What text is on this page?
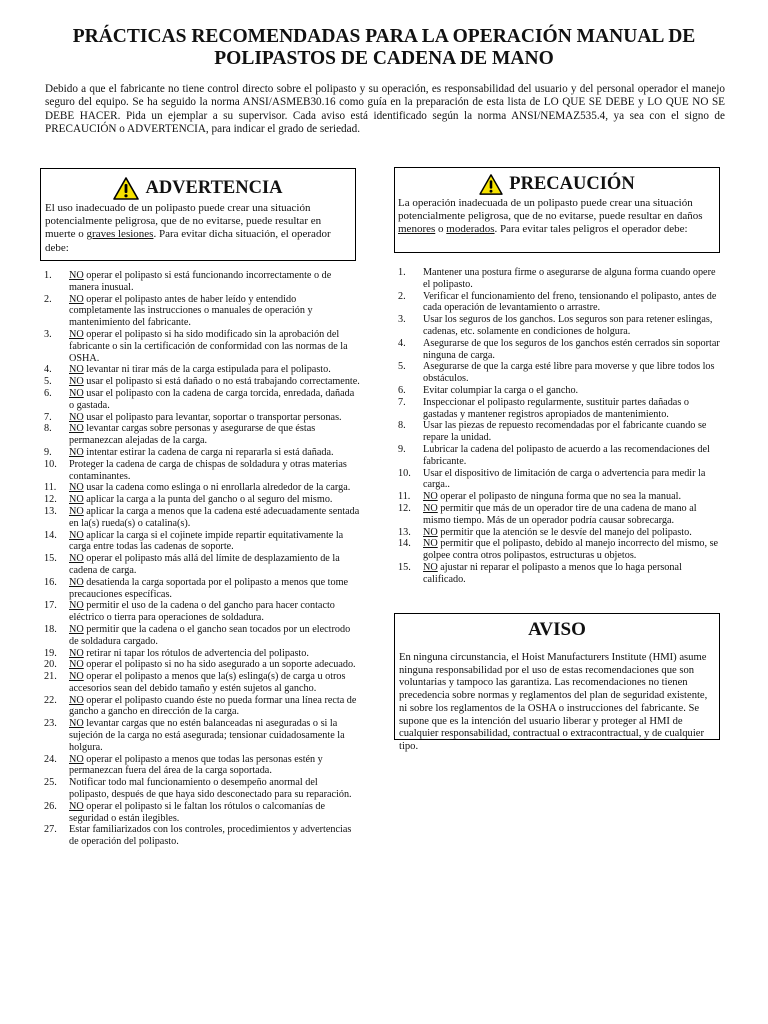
PRÁCTICAS RECOMENDADAS PARA LA OPERACIÓN MANUAL DE
POLIPASTOS DE CADENA DE MANO
Debido a que el fabricante no tiene control directo sobre el polipasto y su operación, es responsabilidad del usuario y del personal operador el manejo seguro del equipo. Se ha seguido la norma ANSI/ASMEB30.16 como guía en la preparación de esta lista de LO QUE SE DEBE y LO QUE NO SE DEBE HACER. Pida un ejemplar a su supervisor. Cada aviso está identificado según la norma ANSI/NEMAZ535.4, ya sea con el signo de PRECAUCIÓN o ADVERTENCIA, para indicar el grado de seriedad.
ADVERTENCIA
El uso inadecuado de un polipasto puede crear una situación potencialmente peligrosa, que de no evitarse, puede resultar en muerte o graves lesiones. Para evitar dicha situación, el operador debe:
PRECAUCIÓN
La operación inadecuada de un polipasto puede crear una situación potencialmente peligrosa, que de no evitarse, puede resultar en daños menores o moderados. Para evitar tales peligros el operador debe:
1. NO operar el polipasto si está funcionando incorrectamente o de manera inusual.
2. NO operar el polipasto antes de haber leído y entendido completamente las instrucciones o manuales de operación y mantenimiento del fabricante.
3. NO operar el polipasto si ha sido modificado sin la aprobación del fabricante o sin la certificación de conformidad con las normas de la OSHA.
4. NO levantar ni tirar más de la carga estipulada para el polipasto.
5. NO usar el polipasto si está dañado o no está trabajando correctamente.
6. NO usar el polipasto con la cadena de carga torcida, enredada, dañada o gastada.
7. NO usar el polipasto para levantar, soportar o transportar personas.
8. NO levantar cargas sobre personas y asegurarse de que éstas permanezcan alejadas de la carga.
9. NO intentar estirar la cadena de carga ni repararla si está dañada.
10. Proteger la cadena de carga de chispas de soldadura y otras materias contaminantes.
11. NO usar la cadena como eslinga o ni enrollarla alrededor de la carga.
12. NO aplicar la carga a la punta del gancho o al seguro del mismo.
13. NO aplicar la carga a menos que la cadena esté adecuadamente sentada en la(s) rueda(s) o catalina(s).
14. NO aplicar la carga si el cojinete impide repartir equitativamente la carga entre todas las cadenas de soporte.
15. NO operar el polipasto más allá del límite de desplazamiento de la cadena de carga.
16. NO desatienda la carga soportada por el polipasto a menos que tome precauciones específicas.
17. NO permitir el uso de la cadena o del gancho para hacer contacto eléctrico o tierra para operaciones de soldadura.
18. NO permitir que la cadena o el gancho sean tocados por un electrodo de soldadura cargado.
19. NO retirar ni tapar los rótulos de advertencia del polipasto.
20. NO operar el polipasto si no ha sido asegurado a un soporte adecuado.
21. NO operar el polipasto a menos que la(s) eslinga(s) de carga u otros accesorios sean del debido tamaño y estén sujetos al gancho.
22. NO operar el polipasto cuando éste no pueda formar una línea recta de gancho a gancho en dirección de la carga.
23. NO levantar cargas que no estén balanceadas ni aseguradas o si la sujeción de la carga no está asegurada; tensionar cuidadosamente la holgura.
24. NO operar el polipasto a menos que todas las personas estén y permanezcan fuera del área de la carga soportada.
25. Notificar todo mal funcionamiento o desempeño anormal del polipasto, después de que haya sido desconectado para su reparación.
26. NO operar el polipasto si le faltan los rótulos o calcomanías de seguridad o están ilegibles.
27. Estar familiarizados con los controles, procedimientos y advertencias de operación del polipasto.
1. Mantener una postura firme o asegurarse de alguna forma cuando opere el polipasto.
2. Verificar el funcionamiento del freno, tensionando el polipasto, antes de cada operación de levantamiento o arrastre.
3. Usar los seguros de los ganchos. Los seguros son para retener eslingas, cadenas, etc. solamente en condiciones de holgura.
4. Asegurarse de que los seguros de los ganchos estén cerrados sin soportar ninguna de carga.
5. Asegurarse de que la carga esté libre para moverse y que libre todos los obstáculos.
6. Evitar columpiar la carga o el gancho.
7. Inspeccionar el polipasto regularmente, sustituir partes dañadas o gastadas y mantener registros apropiados de mantenimiento.
8. Usar las piezas de repuesto recomendadas por el fabricante cuando se repare la unidad.
9. Lubricar la cadena del polipasto de acuerdo a las recomendaciones del fabricante.
10. Usar el dispositivo de limitación de carga o advertencia para medir la carga..
11. NO operar el polipasto de ninguna forma que no sea la manual.
12. NO permitir que más de un operador tire de una cadena de mano al mismo tiempo. Más de un operador podría causar sobrecarga.
13. NO permitir que la atención se le desvíe del manejo del polipasto.
14. NO permitir que el polipasto, debido al manejo incorrecto del mismo, se golpee contra otros polipastos, estructuras u objetos.
15. NO ajustar ni reparar el polipasto a menos que lo haga personal calificado.
AVISO
En ninguna circunstancia, el Hoist Manufacturers Institute (HMI) asume ninguna responsabilidad por el uso de estas recomendaciones que son voluntarias y tampoco las garantiza. Las recomendaciones no tienen precedencia sobre normas y reglamentos del plan de seguridad existente, ni sobre los reglamentos de la OSHA o instrucciones del fabricante. Se supone que es la intención del usuario liberar y proteger al HMI de cualquier responsabilidad, contractual o extracontractual, y de cualquier tipo.
